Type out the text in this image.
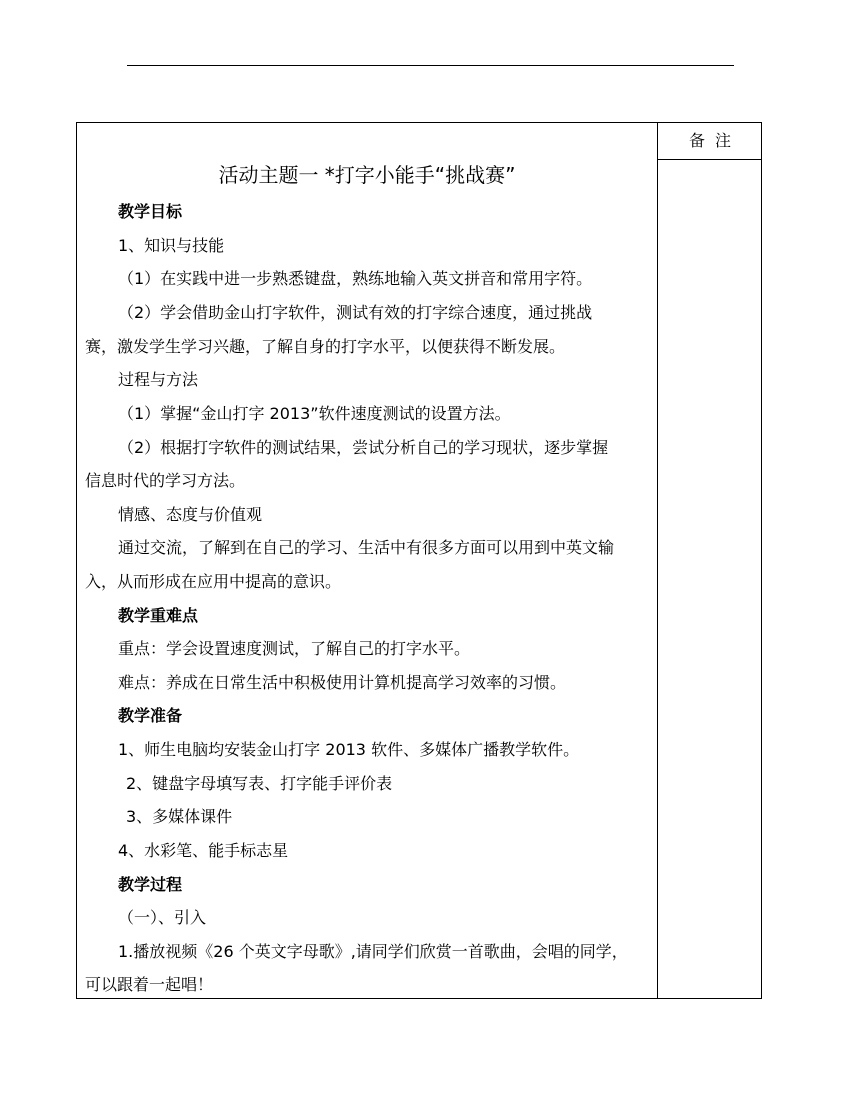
备注
活动主题一 *打字小能手“挑战赛”
教学目标
1、知识与技能
（1）在实践中进一步熟悉键盘，熟练地输入英文拼音和常用字符。
（2）学会借助金山打字软件，测试有效的打字综合速度，通过挑战
赛，激发学生学习兴趣，了解自身的打字水平，以便获得不断发展。
过程与方法
（1）掌握“金山打字 2013”软件速度测试的设置方法。
（2）根据打字软件的测试结果，尝试分析自己的学习现状，逐步掌握
信息时代的学习方法。
情感、态度与价值观
通过交流，了解到在自己的学习、生活中有很多方面可以用到中英文输
入，从而形成在应用中提高的意识。
教学重难点
重点：学会设置速度测试，了解自己的打字水平。
难点：养成在日常生活中积极使用计算机提高学习效率的习惯。
教学准备
1、师生电脑均安装金山打字 2013 软件、多媒体广播教学软件。
2、键盘字母填写表、打字能手评价表
3、多媒体课件
4、水彩笔、能手标志星
教学过程
（一）、引入
1.播放视频《26 个英文字母歌》,请同学们欣赏一首歌曲，会唱的同学，
可以跟着一起唱！
